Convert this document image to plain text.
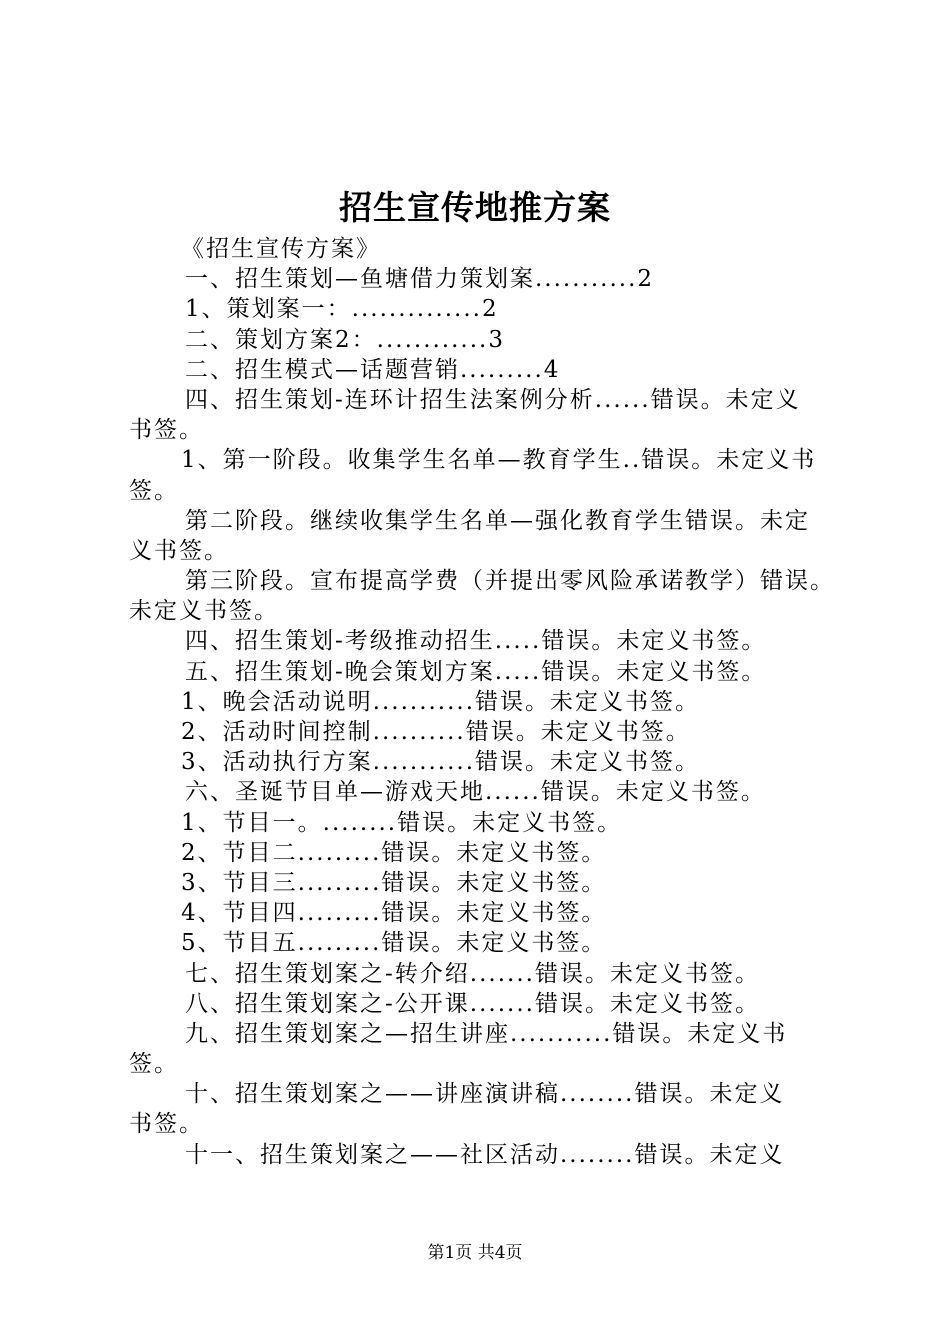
招生宣传地推方案
《招生宣传方案》
一、招生策划—鱼塘借力策划案...........2
1、策划案一：..............2
二、策划方案2：............3
二、招生模式—话题营销.........4
四、招生策划-连环计招生法案例分析......错误。未定义
书签。
1、第一阶段。收集学生名单—教育学生..错误。未定义书
签。
第二阶段。继续收集学生名单—强化教育学生错误。未定
义书签。
第三阶段。宣布提高学费（并提出零风险承诺教学）错误。
未定义书签。
四、招生策划-考级推动招生.....错误。未定义书签。
五、招生策划-晚会策划方案.....错误。未定义书签。
1、晚会活动说明...........错误。未定义书签。
2、活动时间控制..........错误。未定义书签。
3、活动执行方案...........错误。未定义书签。
六、圣诞节目单—游戏天地......错误。未定义书签。
1、节目一。........错误。未定义书签。
2、节目二.........错误。未定义书签。
3、节目三.........错误。未定义书签。
4、节目四.........错误。未定义书签。
5、节目五.........错误。未定义书签。
七、招生策划案之-转介绍.......错误。未定义书签。
八、招生策划案之-公开课.......错误。未定义书签。
九、招生策划案之—招生讲座...........错误。未定义书
签。
十、招生策划案之——讲座演讲稿........错误。未定义
书签。
十一、招生策划案之——社区活动........错误。未定义
第1页 共4页
